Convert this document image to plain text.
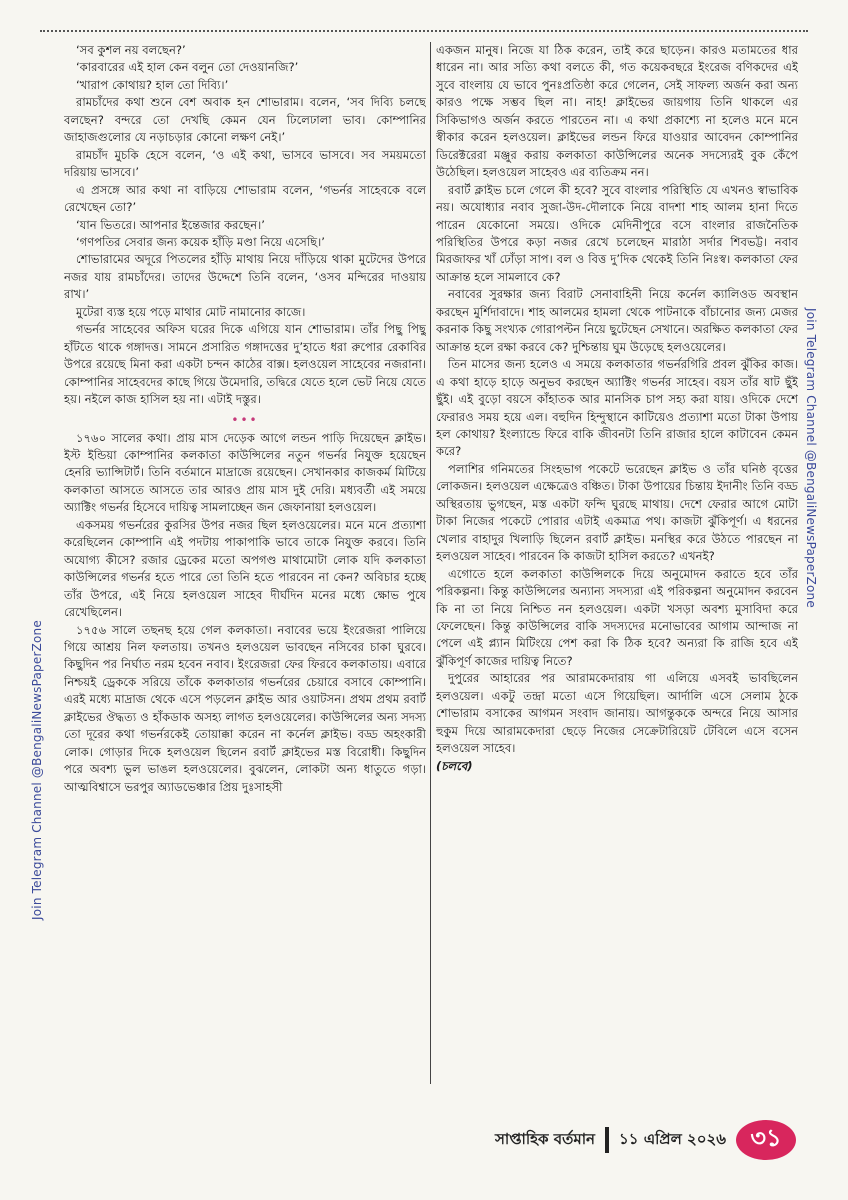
‘সব কুশল নয় বলছেন?’

‘কারবারের এই হাল কেন বলুন তো দেওয়ানজি?’

‘খারাপ কোথায়? হাল তো দিব্যি।’

রামচাঁদের কথা শুনে বেশ অবাক হন শোভারাম। বলেন, ‘সব দিব্যি চলছে বলছেন? বন্দরে তো দেখছি কেমন যেন ঢিলেঢালা ভাব। কোম্পানির জাহাজগুলোর যে নড়াচড়ার কোনো লক্ষণ নেই।’

রামচাঁদ মুচকি হেসে বলেন, ‘ও এই কথা, ভাসবে ভাসবে। সব সময়মতো দরিয়ায় ভাসবে।’

এ প্রসঙ্গে আর কথা না বাড়িয়ে শোভারাম বলেন, ‘গভর্নর সাহেবকে বলে রেখেছেন তো?’

‘যান ভিতরে। আপনার ইন্তেজার করছেন।’

‘গণপতির সেবার জন্য কয়েক হাঁড়ি মণ্ডা নিয়ে এসেছি।’

শোভারামের অদূরে পিতলের হাঁড়ি মাথায় নিয়ে দাঁড়িয়ে থাকা মুটেদের উপরে নজর যায় রামচাঁদের। তাদের উদ্দেশে তিনি বলেন, ‘ওসব মন্দিরের দাওয়ায় রাখ।’

মুটেরা ব্যস্ত হয়ে পড়ে মাথার মোট নামানোর কাজে।

গভর্নর সাহেবের অফিস ঘরের দিকে এগিয়ে যান শোভারাম। তাঁর পিছু পিছু হাঁটতে থাকে গঙ্গাদত্ত। সামনে প্রসারিত গঙ্গাদত্তের দু’হাতে ধরা রুপোর রেকাবির উপরে রয়েছে মিনা করা একটা চন্দন কাঠের বাক্স। হলওয়েল সাহেবের নজরানা। কোম্পানির সাহেবদের কাছে গিয়ে উমেদারি, তদ্বিরে যেতে হলে ভেট নিয়ে যেতে হয়। নইলে কাজ হাসিল হয় না। এটাই দস্তুর।

•••

১৭৬০ সালের কথা। প্রায় মাস দেড়েক আগে লন্ডন পাড়ি দিয়েছেন ক্লাইভ। ইস্ট ইন্ডিয়া কোম্পানির কলকাতা কাউন্সিলের নতুন গভর্নর নিযুক্ত হয়েছেন হেনরি ভ্যান্সিটার্ট। তিনি বর্তমানে মাদ্রাজে রয়েছেন। সেখানকার কাজকর্ম মিটিয়ে কলকাতা আসতে আসতে তার আরও প্রায় মাস দুই দেরি। মধ্যবর্তী এই সময়ে অ্যাক্টিং গভর্নর হিসেবে দায়িত্ব সামলাচ্ছেন জন জেফানায়া হলওয়েল।

একসময় গভর্নরের কুরসির উপর নজর ছিল হলওয়েলের। মনে মনে প্রত্যাশা করেছিলেন কোম্পানি এই পদটায় পাকাপাকি ভাবে তাকে নিযুক্ত করবে। তিনি অযোগ্য কীসে? রজার ড্রেকের মতো অপগণ্ড মাথামোটা লোক যদি কলকাতা কাউন্সিলের গভর্নর হতে পারে তো তিনি হতে পারবেন না কেন? অবিচার হচ্ছে তাঁর উপরে, এই নিয়ে হলওয়েল সাহেব দীর্ঘদিন মনের মধ্যে ক্ষোভ পুষে রেখেছিলেন।

১৭৫৬ সালে তছনছ হয়ে গেল কলকাতা। নবাবের ভয়ে ইংরেজরা পালিয়ে গিয়ে আশ্রয় নিল ফলতায়। তখনও হলওয়েল ভাবছেন নসিবের চাকা ঘুরবে। কিছুদিন পর নির্ঘাত নরম হবেন নবাব। ইংরেজরা ফের ফিরবে কলকাতায়। এবারে নিশ্চয়ই ড্রেককে সরিয়ে তাঁকে কলকাতার গভর্নরের চেয়ারে বসাবে কোম্পানি। এরই মধ্যে মাদ্রাজ থেকে এসে পড়লেন ক্লাইভ আর ওয়াটসন। প্রথম প্রথম রবার্ট ক্লাইভের ঔদ্ধত্য ও হাঁকডাক অসহ্য লাগত হলওয়েলের। কাউন্সিলের অন্য সদস্য তো দূরের কথা গভর্নরকেই তোয়াক্কা করেন না কর্নেল ক্লাইভ। বড্ড অহংকারী লোক। গোড়ার দিকে হলওয়েল ছিলেন রবার্ট ক্লাইভের মস্ত বিরোধী। কিছুদিন পরে অবশ্য ভুল ভাঙল হলওয়েলের। বুঝলেন, লোকটা অন্য ধাতুতে গড়া। আত্মবিশ্বাসে ভরপুর অ্যাডভেঞ্চার প্রিয় দুঃসাহসী

একজন মানুষ। নিজে যা ঠিক করেন, তাই করে ছাড়েন। কারও মতামতের ধার ধারেন না। আর সত্যি কথা বলতে কী, গত কয়েকবছরে ইংরেজ বণিকদের এই সুবে বাংলায় যে ভাবে পুনঃপ্রতিষ্ঠা করে গেলেন, সেই সাফল্য অর্জন করা অন্য কারও পক্ষে সম্ভব ছিল না। নাহ! ক্লাইভের জায়গায় তিনি থাকলে এর সিকিভাগও অর্জন করতে পারতেন না। এ কথা প্রকাশ্যে না হলেও মনে মনে স্বীকার করেন হলওয়েল। ক্লাইভের লন্ডন ফিরে যাওয়ার আবেদন কোম্পানির ডিরেক্টরেরা মঞ্জুর করায় কলকাতা কাউন্সিলের অনেক সদস্যেরই বুক কেঁপে উঠেছিল। হলওয়েল সাহেবও এর ব্যতিক্রম নন।

রবার্ট ক্লাইভ চলে গেলে কী হবে? সুবে বাংলার পরিস্থিতি যে এখনও স্বাভাবিক নয়। অযোধ্যার নবাব সুজা-উদ-দৌলাকে নিয়ে বাদশা শাহ আলম হানা দিতে পারেন যেকোনো সময়ে। ওদিকে মেদিনীপুরে বসে বাংলার রাজনৈতিক পরিস্থিতির উপরে কড়া নজর রেখে চলেছেন মারাঠা সর্দার শিবভট্ট। নবাব মিরজাফর খাঁ ঢোঁড়া সাপ। বল ও বিত্ত দু’দিক থেকেই তিনি নিঃস্ব। কলকাতা ফের আক্রান্ত হলে সামলাবে কে?

নবাবের সুরক্ষার জন্য বিরাট সেনাবাহিনী নিয়ে কর্নেল ক্যালিওড অবস্থান করছেন মুর্শিদাবাদে। শাহ আলমের হামলা থেকে পাটনাকে বাঁচানোর জন্য মেজর করনাক কিছু সংখ্যক গোরাপল্টন নিয়ে ছুটেছেন সেখানে। অরক্ষিত কলকাতা ফের আক্রান্ত হলে রক্ষা করবে কে? দুশ্চিন্তায় ঘুম উড়েছে হলওয়েলের।

তিন মাসের জন্য হলেও এ সময়ে কলকাতার গভর্নরগিরি প্রবল ঝুঁকির কাজ। এ কথা হাড়ে হাড়ে অনুভব করছেন অ্যাক্টিং গভর্নর সাহেব। বয়স তাঁর ষাট ছুঁই ছুঁই। এই বুড়ো বয়সে কাঁহাতক আর মানসিক চাপ সহ্য করা যায়। ওদিকে দেশে ফেরারও সময় হয়ে এল। বহুদিন হিন্দুস্থানে কাটিয়েও প্রত্যাশা মতো টাকা উপায় হল কোথায়? ইংল্যান্ডে ফিরে বাকি জীবনটা তিনি রাজার হালে কাটাবেন কেমন করে?

পলাশির গনিমতের সিংহভাগ পকেটে ভরেছেন ক্লাইভ ও তাঁর ঘনিষ্ঠ বৃত্তের লোকজন। হলওয়েল এক্ষেত্রেও বঞ্চিত। টাকা উপায়ের চিন্তায় ইদানীং তিনি বড্ড অস্থিরতায় ভুগছেন, মস্ত একটা ফন্দি ঘুরছে মাথায়। দেশে ফেরার আগে মোটা টাকা নিজের পকেটে পোরার এটাই একমাত্র পথ। কাজটা ঝুঁকিপূর্ণ। এ ধরনের খেলার বাহাদুর খিলাড়ি ছিলেন রবার্ট ক্লাইভ। মনস্থির করে উঠতে পারছেন না হলওয়েল সাহেব। পারবেন কি কাজটা হাসিল করতে? এখনই?

এগোতে হলে কলকাতা কাউন্সিলকে দিয়ে অনুমোদন করাতে হবে তাঁর পরিকল্পনা। কিন্তু কাউন্সিলের অন্যান্য সদস্যরা এই পরিকল্পনা অনুমোদন করবেন কি না তা নিয়ে নিশ্চিত নন হলওয়েল। একটা খসড়া অবশ্য মুসাবিদা করে ফেলেছেন। কিন্তু কাউন্সিলের বাকি সদস্যদের মনোভাবের আগাম আন্দাজ না পেলে এই প্ল্যান মিটিংয়ে পেশ করা কি ঠিক হবে? অন্যরা কি রাজি হবে এই ঝুঁকিপূর্ণ কাজের দায়িত্ব নিতে?

দুপুরের আহারের পর আরামকেদারায় গা এলিয়ে এসবই ভাবছিলেন হলওয়েল। একটু তন্দ্রা মতো এসে গিয়েছিল। আর্দালি এসে সেলাম ঠুকে শোভারাম বসাকের আগমন সংবাদ জানায়। আগন্তুককে অন্দরে নিয়ে আসার হুকুম দিয়ে আরামকেদারা ছেড়ে নিজের সেক্রেটারিয়েট টেবিলে এসে বসেন হলওয়েল সাহেব।

(চলবে)

Join Telegram Channel @BengaliNewsPaperZone
Join Telegram Channel @BengaliNewsPaperZone
সাপ্তাহিক বর্তমান ১১ এপ্রিল ২০২৬	৩১
